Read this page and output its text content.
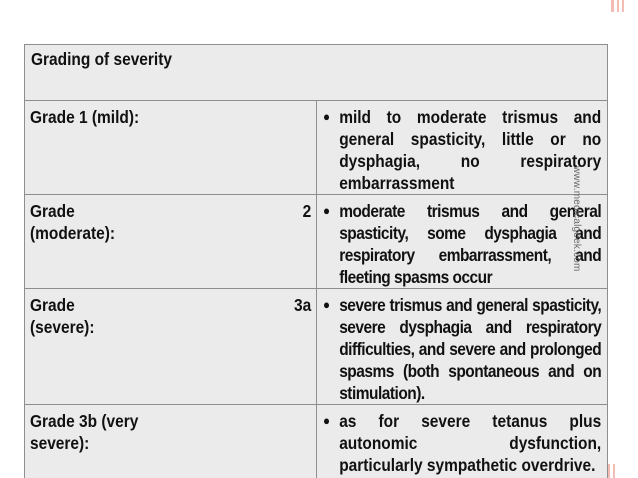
Grading of severity	

Grade 1 (mild):	● mild to moderate trismus and general spasticity, little or no dysphagia, no respiratory embarrassment

Grade 2
(moderate):	● moderate trismus and general spasticity, some dysphagia and respiratory embarrassment, and fleeting spasms occur

Grade 3a
(severe):	● severe trismus and general spasticity, severe dysphagia and respiratory difficulties, and severe and prolonged spasms (both spontaneous and on stimulation).

Grade 3b (very
severe):	● as for severe tetanus plus autonomic dysfunction, particularly sympathetic overdrive.
www.medicalgeek.com
